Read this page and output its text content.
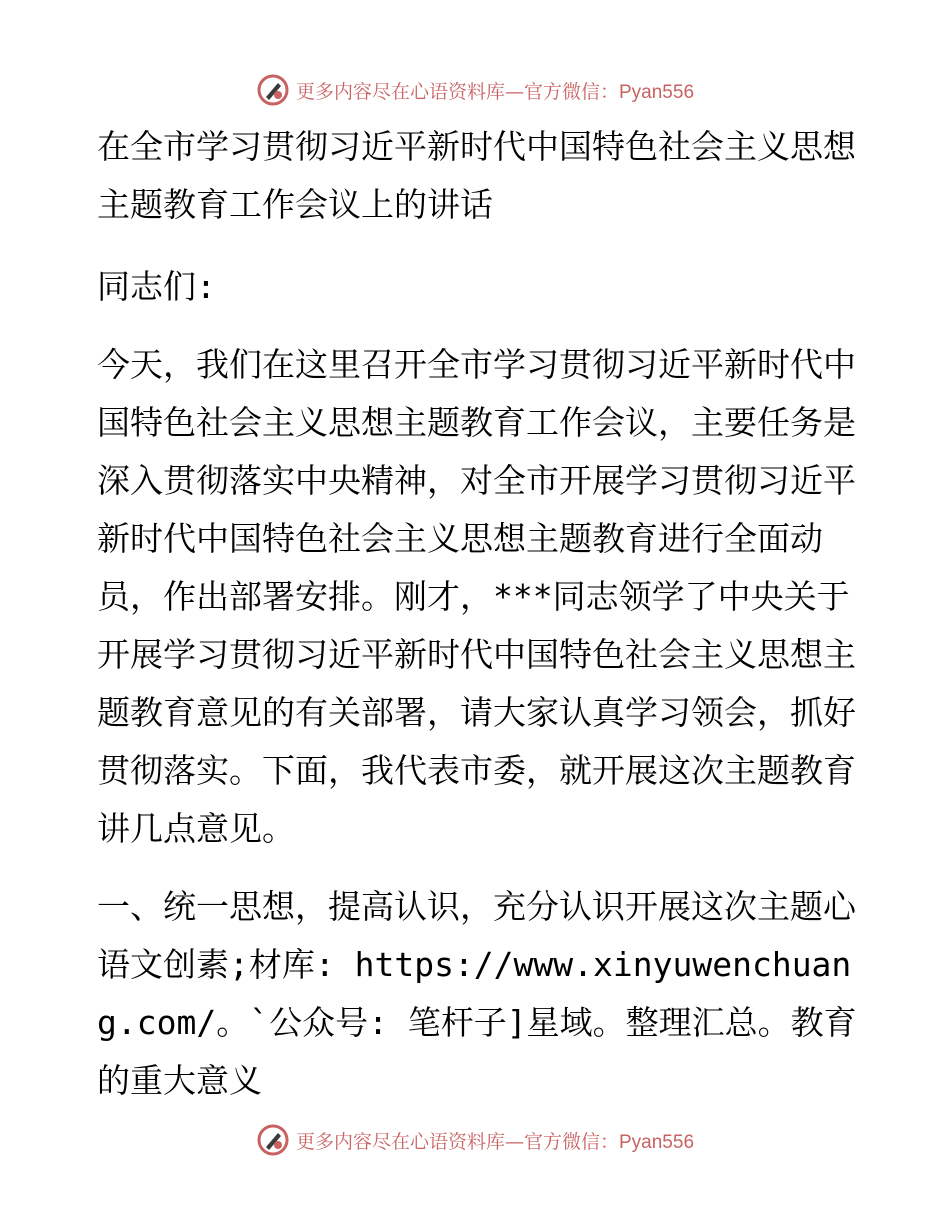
更多内容尽在心语资料库—官方微信：Pyan556
在全市学习贯彻习近平新时代中国特色社会主义思想主题教育工作会议上的讲话

同志们:

今天，我们在这里召开全市学习贯彻习近平新时代中国特色社会主义思想主题教育工作会议，主要任务是深入贯彻落实中央精神，对全市开展学习贯彻习近平新时代中国特色社会主义思想主题教育进行全面动员，作出部署安排。刚才，***同志领学了中央关于开展学习贯彻习近平新时代中国特色社会主义思想主题教育意见的有关部署，请大家认真学习领会，抓好贯彻落实。下面，我代表市委，就开展这次主题教育讲几点意见。

一、统一思想，提高认识，充分认识开展这次主题心语文创素;材库: https://www.xinyuwenchuang.com/。`公众号: 笔杆子]星域。整理汇总。教育的重大意义

更多内容尽在心语资料库—官方微信：Pyan556
